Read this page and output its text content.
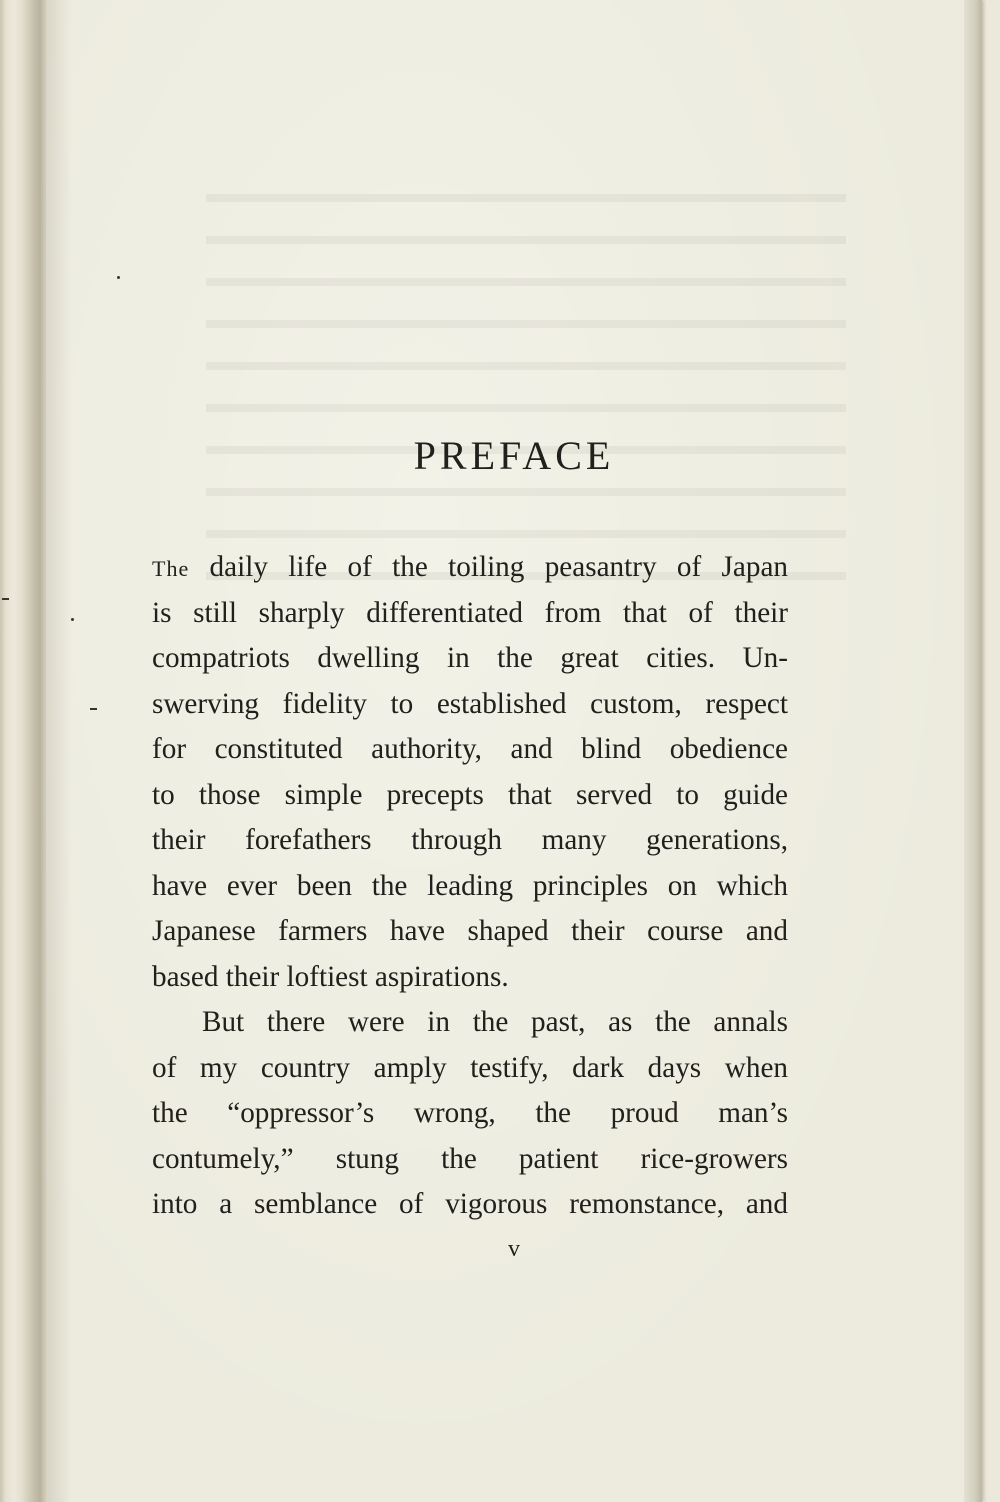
PREFACE
The daily life of the toiling peasantry of Japan
is still sharply differentiated from that of their
compatriots dwelling in the great cities. Un-
swerving fidelity to established custom, respect
for constituted authority, and blind obedience
to those simple precepts that served to guide
their forefathers through many generations,
have ever been the leading principles on which
Japanese farmers have shaped their course and
based their loftiest aspirations.
But there were in the past, as the annals
of my country amply testify, dark days when
the “oppressor’s wrong, the proud man’s
contumely,” stung the patient rice-growers
into a semblance of vigorous remonstance, and
v
